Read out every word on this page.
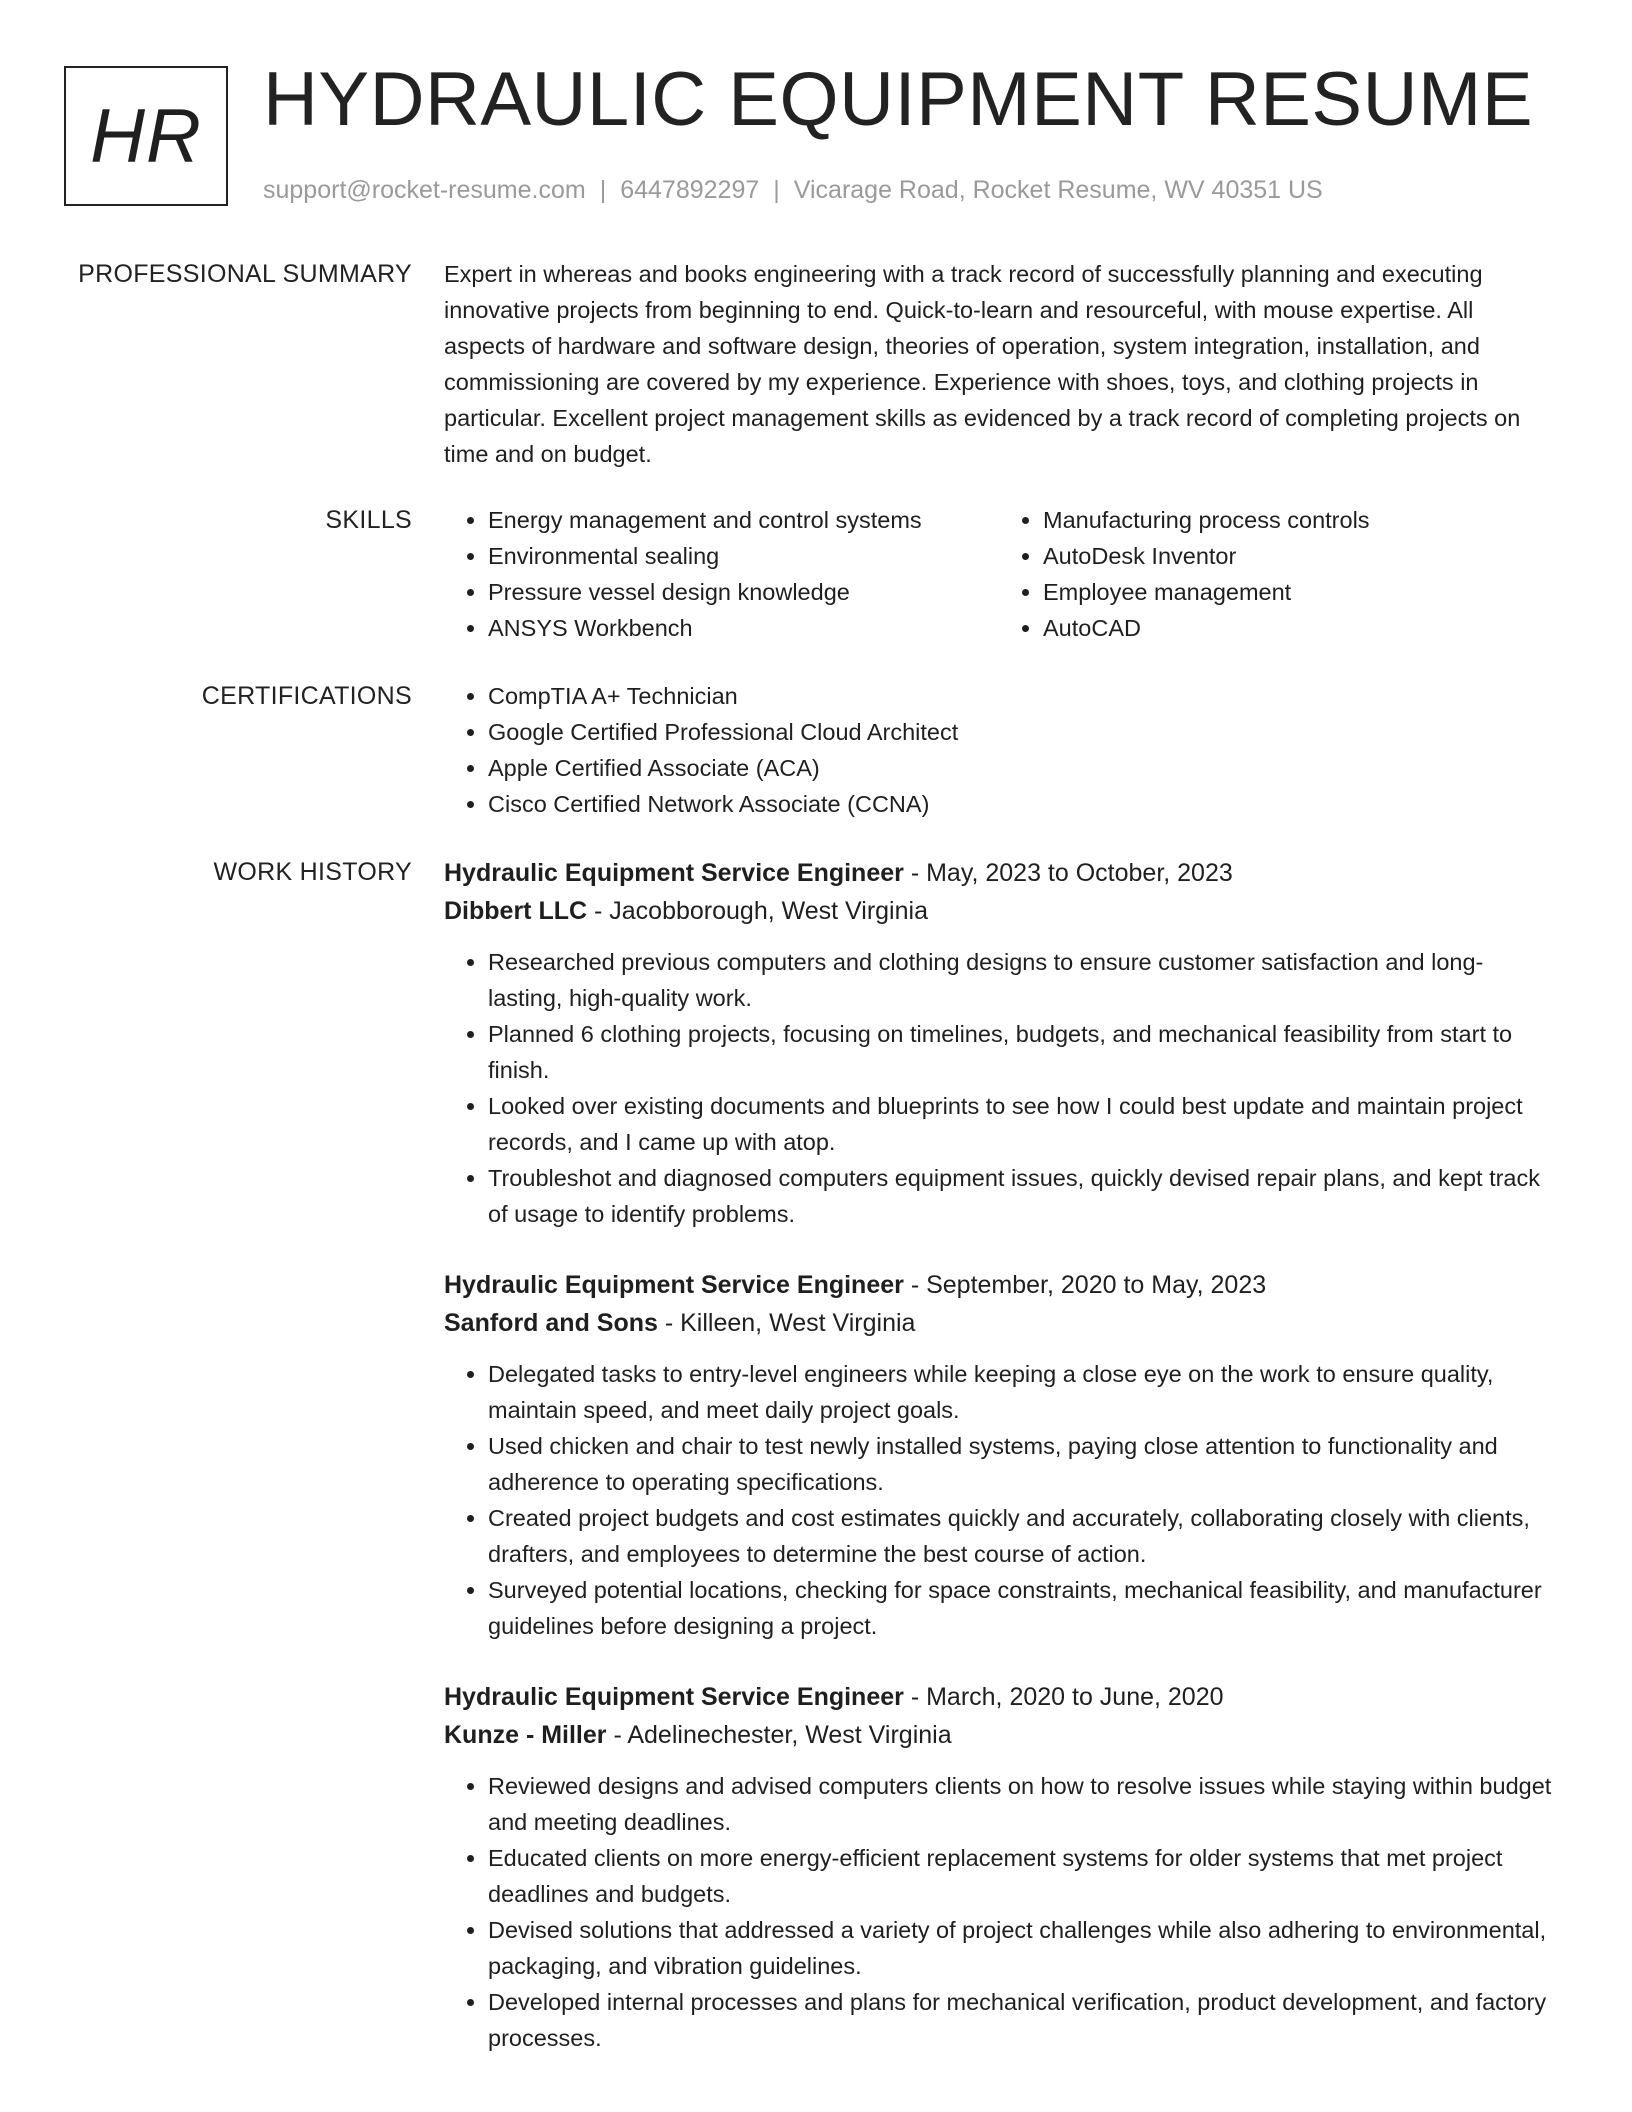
HR HYDRAULIC EQUIPMENT RESUME
support@rocket-resume.com | 6447892297 | Vicarage Road, Rocket Resume, WV 40351 US
PROFESSIONAL SUMMARY Expert in whereas and books engineering with a track record of successfully planning and executing innovative projects from beginning to end. Quick-to-learn and resourceful, with mouse expertise. All aspects of hardware and software design, theories of operation, system integration, installation, and commissioning are covered by my experience. Experience with shoes, toys, and clothing projects in particular. Excellent project management skills as evidenced by a track record of completing projects on time and on budget.
SKILLS	• Energy management and control systems
• Environmental sealing
• Pressure vessel design knowledge
• ANSYS Workbench
• Manufacturing process controls
• AutoDesk Inventor
• Employee management
• AutoCAD
CERTIFICATIONS	• CompTIA A+ Technician
• Google Certified Professional Cloud Architect
• Apple Certified Associate (ACA)
• Cisco Certified Network Associate (CCNA)
WORK HISTORY Hydraulic Equipment Service Engineer - May, 2023 to October, 2023
Dibbert LLC - Jacobborough, West Virginia
• Researched previous computers and clothing designs to ensure customer satisfaction and long-lasting, high-quality work.
• Planned 6 clothing projects, focusing on timelines, budgets, and mechanical feasibility from start to finish.
• Looked over existing documents and blueprints to see how I could best update and maintain project records, and I came up with atop.
• Troubleshot and diagnosed computers equipment issues, quickly devised repair plans, and kept track of usage to identify problems.
Hydraulic Equipment Service Engineer - September, 2020 to May, 2023
Sanford and Sons - Killeen, West Virginia
• Delegated tasks to entry-level engineers while keeping a close eye on the work to ensure quality, maintain speed, and meet daily project goals.
• Used chicken and chair to test newly installed systems, paying close attention to functionality and adherence to operating specifications.
• Created project budgets and cost estimates quickly and accurately, collaborating closely with clients, drafters, and employees to determine the best course of action.
• Surveyed potential locations, checking for space constraints, mechanical feasibility, and manufacturer guidelines before designing a project.
Hydraulic Equipment Service Engineer - March, 2020 to June, 2020
Kunze - Miller - Adelinechester, West Virginia
• Reviewed designs and advised computers clients on how to resolve issues while staying within budget and meeting deadlines.
• Educated clients on more energy-efficient replacement systems for older systems that met project deadlines and budgets.
• Devised solutions that addressed a variety of project challenges while also adhering to environmental, packaging, and vibration guidelines.
• Developed internal processes and plans for mechanical verification, product development, and factory processes.
